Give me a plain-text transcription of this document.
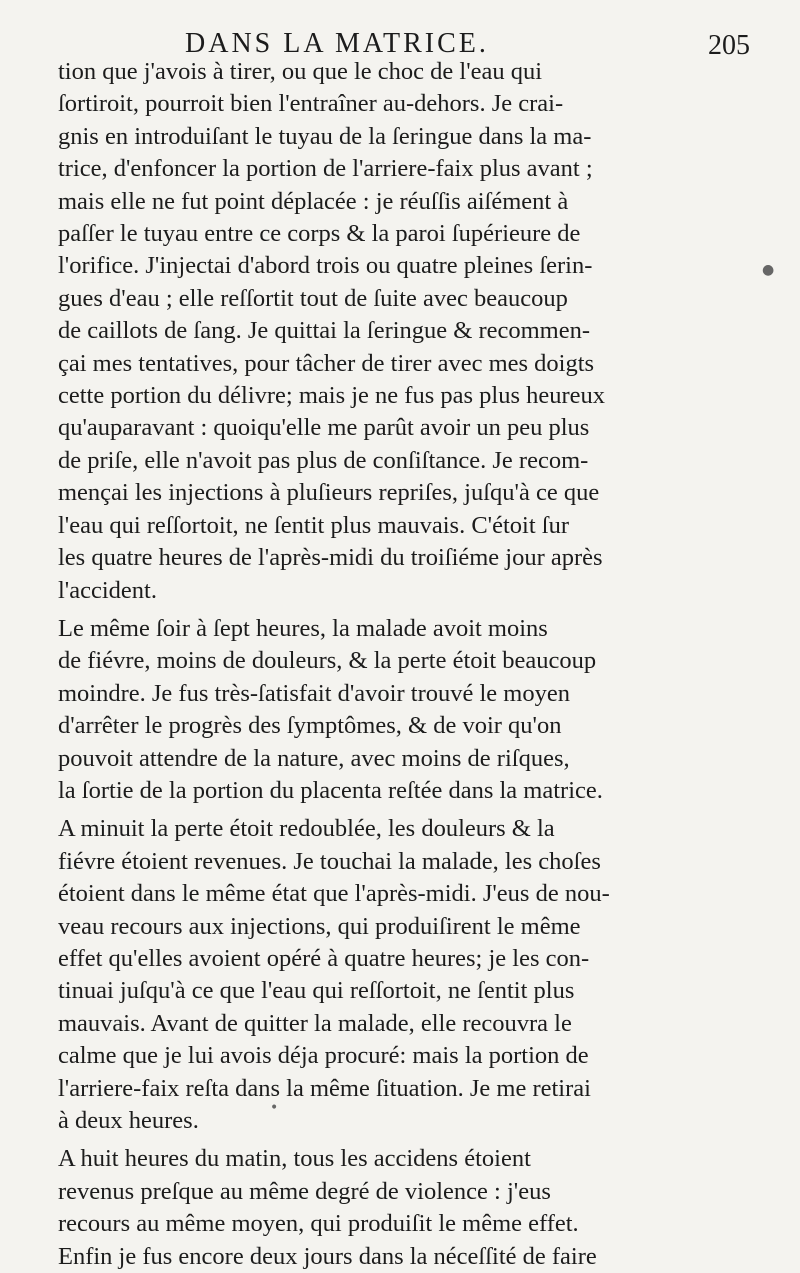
DANS LA MATRICE.	205
tion que j'avois à tirer, ou que le choc de l'eau qui
ſortiroit, pourroit bien l'entraîner au-dehors. Je crai-
gnis en introduiſant le tuyau de la ſeringue dans la ma-
trice, d'enfoncer la portion de l'arriere-faix plus avant ;
mais elle ne fut point déplacée : je réuſſis aiſément à
paſſer le tuyau entre ce corps & la paroi ſupérieure de
l'orifice. J'injectai d'abord trois ou quatre pleines ſerin-
gues d'eau ; elle reſſortit tout de ſuite avec beaucoup
de caillots de ſang. Je quittai la ſeringue & recommen-
çai mes tentatives, pour tâcher de tirer avec mes doigts
cette portion du délivre; mais je ne fus pas plus heureux
qu'auparavant : quoiqu'elle me parût avoir un peu plus
de priſe, elle n'avoit pas plus de conſiſtance. Je recom-
mençai les injections à pluſieurs repriſes, juſqu'à ce que
l'eau qui reſſortoit, ne ſentit plus mauvais. C'étoit ſur
les quatre heures de l'après-midi du troiſiéme jour après
l'accident.
Le même ſoir à ſept heures, la malade avoit moins
de fiévre, moins de douleurs, & la perte étoit beaucoup
moindre. Je fus très-ſatisfait d'avoir trouvé le moyen
d'arrêter le progrès des ſymptômes, & de voir qu'on
pouvoit attendre de la nature, avec moins de riſques,
la ſortie de la portion du placenta reſtée dans la matrice.
A minuit la perte étoit redoublée, les douleurs & la
fiévre étoient revenues. Je touchai la malade, les choſes
étoient dans le même état que l'après-midi. J'eus de nou-
veau recours aux injections, qui produiſirent le même
effet qu'elles avoient opéré à quatre heures; je les con-
tinuai juſqu'à ce que l'eau qui reſſortoit, ne ſentit plus
mauvais. Avant de quitter la malade, elle recouvra le
calme que je lui avois déja procuré: mais la portion de
l'arriere-faix reſta dans la même ſituation. Je me retirai
à deux heures.
A huit heures du matin, tous les accidens étoient
revenus preſque au même degré de violence : j'eus
recours au même moyen, qui produiſit le même effet.
Enfin je fus encore deux jours dans la néceſſité de faire
●
•
